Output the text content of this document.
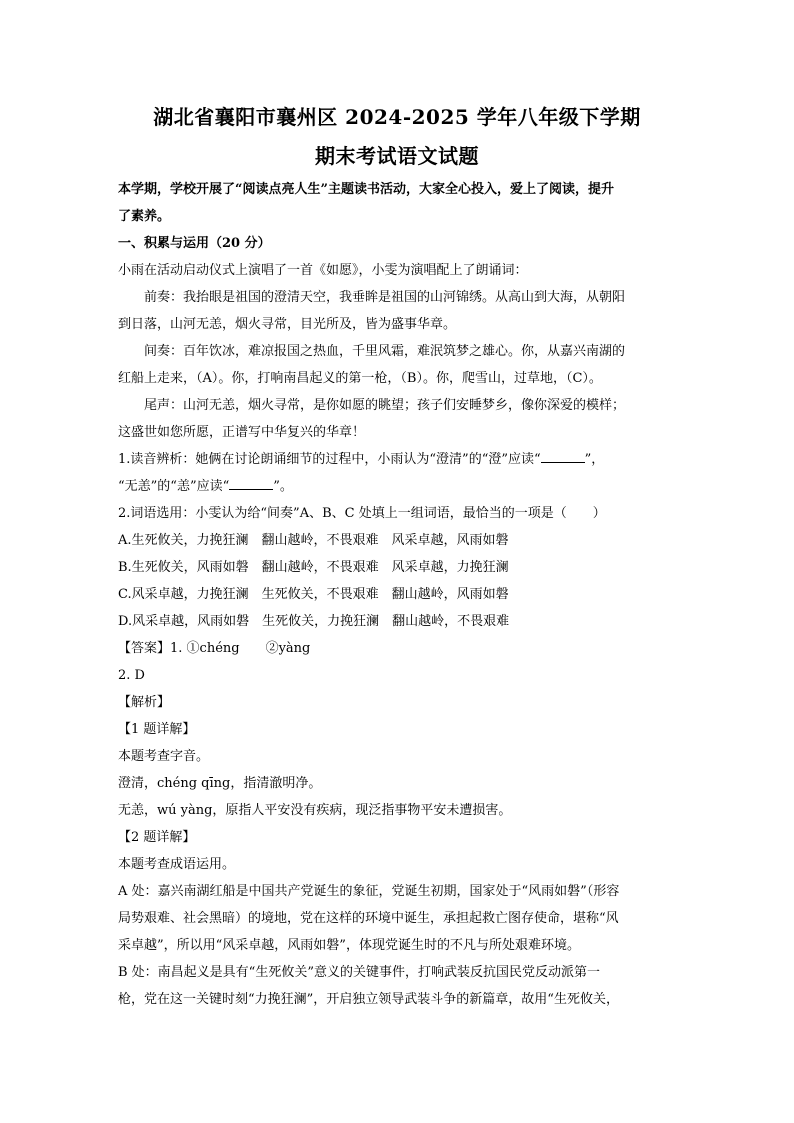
湖北省襄阳市襄州区 2024-2025 学年八年级下学期
期末考试语文试题
本学期，学校开展了“阅读点亮人生”主题读书活动，大家全心投入，爱上了阅读，提升
了素养。
一、积累与运用（20 分）
小雨在活动启动仪式上演唱了一首《如愿》，小雯为演唱配上了朗诵词：
前奏：我抬眼是祖国的澄清天空，我垂眸是祖国的山河锦绣。从高山到大海，从朝阳
到日落，山河无恙，烟火寻常，目光所及，皆为盛事华章。
间奏：百年饮冰，难凉报国之热血，千里风霜，难泯筑梦之雄心。你，从嘉兴南湖的
红船上走来，（A）。你，打响南昌起义的第一枪，（B）。你，爬雪山，过草地，（C）。
尾声：山河无恙，烟火寻常，是你如愿的眺望；孩子们安睡梦乡，像你深爱的模样；
这盛世如您所愿，正谱写中华复兴的华章！
1.读音辨析：她俩在讨论朗诵细节的过程中，小雨认为“澄清”的“澄”应读“	”，
“无恙”的“恙”应读“	”。
2.词语选用：小雯认为给“间奏”A、B、C 处填上一组词语，最恰当的一项是（　　）
A.生死攸关，力挽狂澜　翻山越岭，不畏艰难　风采卓越，风雨如磐
B.生死攸关，风雨如磐　翻山越岭，不畏艰难　风采卓越，力挽狂澜
C.风采卓越，力挽狂澜　生死攸关，不畏艰难　翻山越岭，风雨如磐
D.风采卓越，风雨如磐　生死攸关，力挽狂澜　翻山越岭，不畏艰难
【答案】1. ①chéng　　②yàng
2. D
【解析】
【1 题详解】
本题考查字音。
澄清，chéng qīng，指清澈明净。
无恙，wú yàng，原指人平安没有疾病，现泛指事物平安未遭损害。
【2 题详解】
本题考查成语运用。
A 处：嘉兴南湖红船是中国共产党诞生的象征，党诞生初期，国家处于“风雨如磐”（形容
局势艰难、社会黑暗）的境地，党在这样的环境中诞生，承担起救亡图存使命，堪称“风
采卓越”，所以用“风采卓越，风雨如磐”，体现党诞生时的不凡与所处艰难环境。
B 处：南昌起义是具有“生死攸关”意义的关键事件，打响武装反抗国民党反动派第一
枪，党在这一关键时刻“力挽狂澜”，开启独立领导武装斗争的新篇章，故用“生死攸关，
